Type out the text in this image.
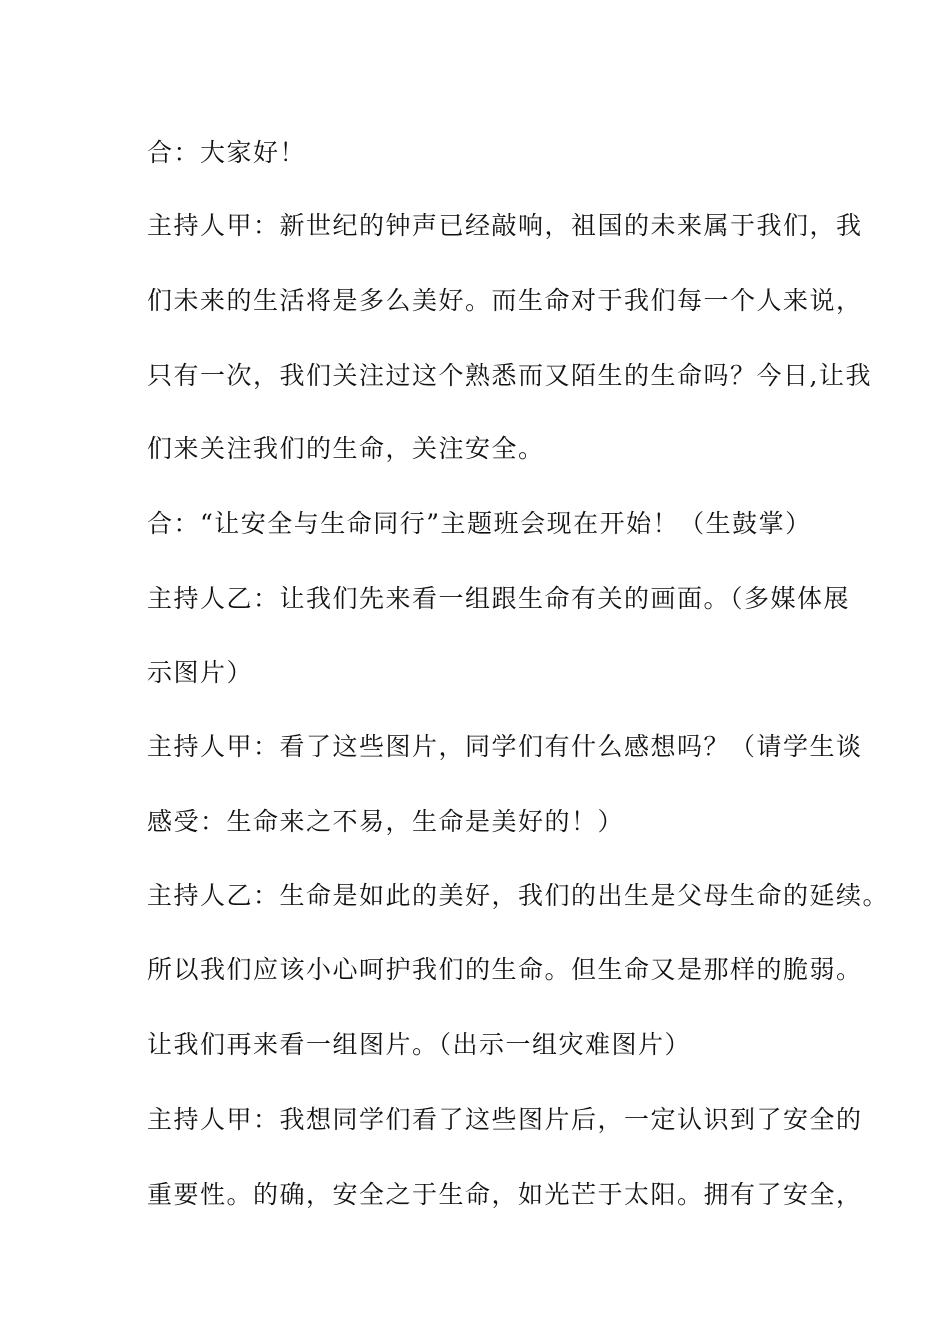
合：大家好！

主持人甲：新世纪的钟声已经敲响，祖国的未来属于我们，我

们未来的生活将是多么美好。而生命对于我们每一个人来说，

只有一次，我们关注过这个熟悉而又陌生的生命吗？今日,让我

们来关注我们的生命，关注安全。

合：“让安全与生命同行”主题班会现在开始！（生鼓掌）

主持人乙：让我们先来看一组跟生命有关的画面。（多媒体展

示图片）

主持人甲：看了这些图片，同学们有什么感想吗？（请学生谈

感受：生命来之不易，生命是美好的！）

主持人乙：生命是如此的美好，我们的出生是父母生命的延续。

所以我们应该小心呵护我们的生命。但生命又是那样的脆弱。

让我们再来看一组图片。（出示一组灾难图片）

主持人甲：我想同学们看了这些图片后，一定认识到了安全的

重要性。的确，安全之于生命，如光芒于太阳。拥有了安全，
